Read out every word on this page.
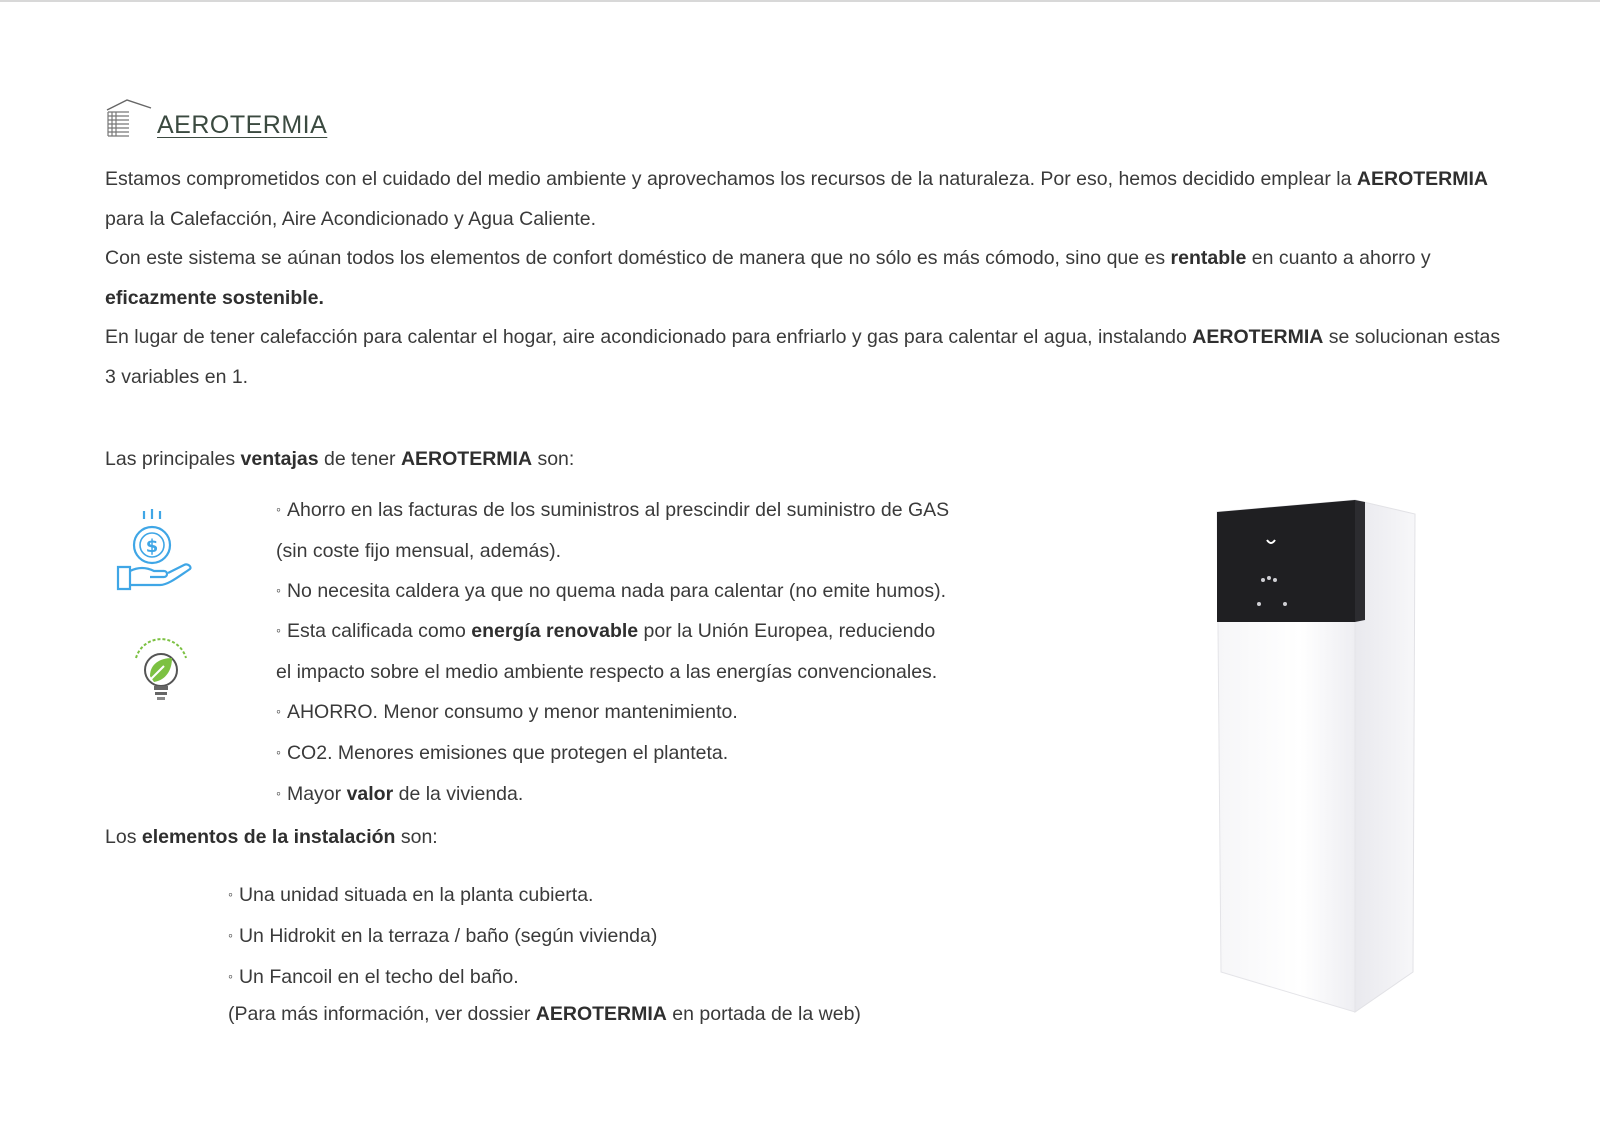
AEROTERMIA

Estamos comprometidos con el cuidado del medio ambiente y aprovechamos los recursos de la naturaleza. Por eso, hemos decidido emplear la AEROTERMIA para la Calefacción, Aire Acondicionado y Agua Caliente.

Con este sistema se aúnan todos los elementos de confort doméstico de manera que no sólo es más cómodo, sino que es rentable en cuanto a ahorro y eficazmente sostenible.

En lugar de tener calefacción para calentar el hogar, aire acondicionado para enfriarlo y gas para calentar el agua, instalando AEROTERMIA se solucionan estas 3 variables en 1.

Las principales ventajas de tener AEROTERMIA son:

$
◦ Ahorro en las facturas de los suministros al prescindir del suministro de GAS
(sin coste fijo mensual, además).
◦ No necesita caldera ya que no quema nada para calentar (no emite humos).
◦ Esta calificada como energía renovable por la Unión Europea, reduciendo
el impacto sobre el medio ambiente respecto a las energías convencionales.
◦ AHORRO. Menor consumo y menor mantenimiento.
◦ CO2. Menores emisiones que protegen el planteta.
◦ Mayor valor de la vivienda.

Los elementos de la instalación son:

◦ Una unidad situada en la planta cubierta.
◦ Un Hidrokit en la terraza / baño (según vivienda)
◦ Un Fancoil en el techo del baño.
(Para más información, ver dossier AEROTERMIA en portada de la web)
